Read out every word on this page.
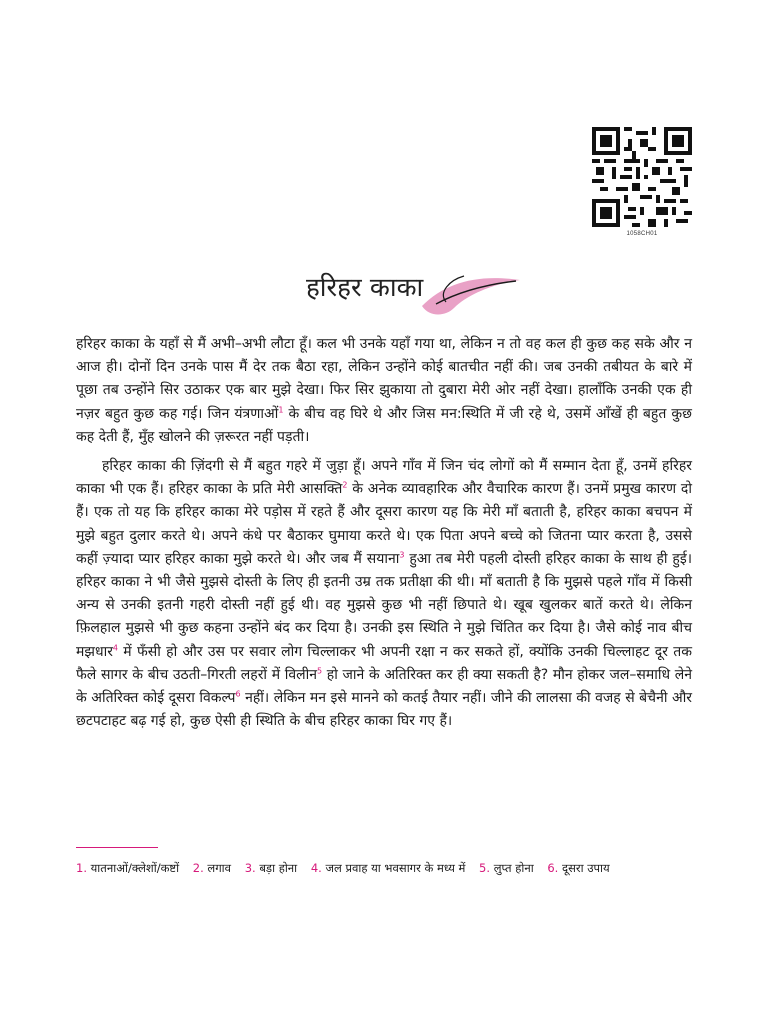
1058CH01
हरिहर काका

हरिहर काका के यहाँ से मैं अभी–अभी लौटा हूँ। कल भी उनके यहाँ गया था, लेकिन न तो वह कल ही कुछ कह सके और न आज ही। दोनों दिन उनके पास मैं देर तक बैठा रहा, लेकिन उन्होंने कोई बातचीत नहीं की। जब उनकी तबीयत के बारे में पूछा तब उन्होंने सिर उठाकर एक बार मुझे देखा। फिर सिर झुकाया तो दुबारा मेरी ओर नहीं देखा। हालाँकि उनकी एक ही नज़र बहुत कुछ कह गई। जिन यंत्रणाओं$^1$ के बीच वह घिरे थे और जिस मन:स्थिति में जी रहे थे, उसमें आँखें ही बहुत कुछ कह देती हैं, मुँह खोलने की ज़रूरत नहीं पड़ती।

हरिहर काका की ज़िंदगी से मैं बहुत गहरे में जुड़ा हूँ। अपने गाँव में जिन चंद लोगों को मैं सम्मान देता हूँ, उनमें हरिहर काका भी एक हैं। हरिहर काका के प्रति मेरी आसक्ति$^2$ के अनेक व्यावहारिक और वैचारिक कारण हैं। उनमें प्रमुख कारण दो हैं। एक तो यह कि हरिहर काका मेरे पड़ोस में रहते हैं और दूसरा कारण यह कि मेरी माँ बताती है, हरिहर काका बचपन में मुझे बहुत दुलार करते थे। अपने कंधे पर बैठाकर घुमाया करते थे। एक पिता अपने बच्चे को जितना प्यार करता है, उससे कहीं ज़्यादा प्यार हरिहर काका मुझे करते थे। और जब मैं सयाना$^3$ हुआ तब मेरी पहली दोस्ती हरिहर काका के साथ ही हुई। हरिहर काका ने भी जैसे मुझसे दोस्ती के लिए ही इतनी उम्र तक प्रतीक्षा की थी। माँ बताती है कि मुझसे पहले गाँव में किसी अन्य से उनकी इतनी गहरी दोस्ती नहीं हुई थी। वह मुझसे कुछ भी नहीं छिपाते थे। खूब खुलकर बातें करते थे। लेकिन फ़िलहाल मुझसे भी कुछ कहना उन्होंने बंद कर दिया है। उनकी इस स्थिति ने मुझे चिंतित कर दिया है। जैसे कोई नाव बीच मझधार$^4$ में फँसी हो और उस पर सवार लोग चिल्लाकर भी अपनी रक्षा न कर सकते हों, क्योंकि उनकी चिल्लाहट दूर तक फैले सागर के बीच उठती–गिरती लहरों में विलीन$^5$ हो जाने के अतिरिक्त कर ही क्या सकती है? मौन होकर जल–समाधि लेने के अतिरिक्त कोई दूसरा विकल्प$^6$ नहीं। लेकिन मन इसे मानने को कतई तैयार नहीं। जीने की लालसा की वजह से बेचैनी और छटपटाहट बढ़ गई हो, कुछ ऐसी ही स्थिति के बीच हरिहर काका घिर गए हैं।

1. यातनाओं/क्लेशों/कष्टों 2. लगाव 3. बड़ा होना 4. जल प्रवाह या भवसागर के मध्य में 5. लुप्त होना 6. दूसरा उपाय
